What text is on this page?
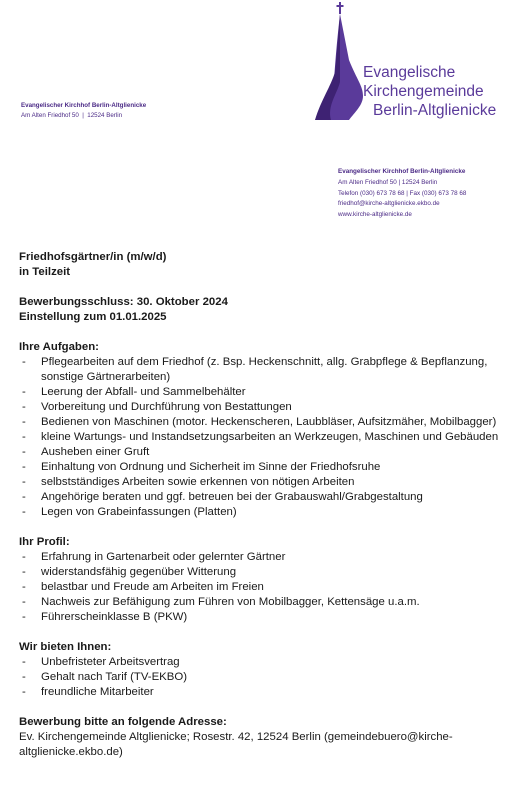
Evangelischer Kirchhof Berlin-Altglienicke
Am Alten Friedhof 50 | 12524 Berlin
Evangelische
Kirchengemeinde
Berlin-Altglienicke
Evangelischer Kirchhof Berlin-Altglienicke
Am Alten Friedhof 50 | 12524 Berlin
Telefon (030) 673 78 68 | Fax (030) 673 78 68
friedhof@kirche-altglienicke.ekbo.de
www.kirche-altglienicke.de
Friedhofsgärtner/in (m/w/d)
in Teilzeit
Bewerbungsschluss: 30. Oktober 2024
Einstellung zum 01.01.2025
Ihre Aufgaben:
- Pflegearbeiten auf dem Friedhof (z. Bsp. Heckenschnitt, allg. Grabpflege & Bepflanzung, sonstige Gärtnerarbeiten)
- Leerung der Abfall- und Sammelbehälter
- Vorbereitung und Durchführung von Bestattungen
- Bedienen von Maschinen (motor. Heckenscheren, Laubbläser, Aufsitzmäher, Mobilbagger)
- kleine Wartungs- und Instandsetzungsarbeiten an Werkzeugen, Maschinen und Gebäuden
- Ausheben einer Gruft
- Einhaltung von Ordnung und Sicherheit im Sinne der Friedhofsruhe
- selbstständiges Arbeiten sowie erkennen von nötigen Arbeiten
- Angehörige beraten und ggf. betreuen bei der Grabauswahl/Grabgestaltung
- Legen von Grabeinfassungen (Platten)
Ihr Profil:
- Erfahrung in Gartenarbeit oder gelernter Gärtner
- widerstandsfähig gegenüber Witterung
- belastbar und Freude am Arbeiten im Freien
- Nachweis zur Befähigung zum Führen von Mobilbagger, Kettensäge u.a.m.
- Führerscheinklasse B (PKW)
Wir bieten Ihnen:
- Unbefristeter Arbeitsvertrag
- Gehalt nach Tarif (TV-EKBO)
- freundliche Mitarbeiter
Bewerbung bitte an folgende Adresse:
Ev. Kirchengemeinde Altglienicke; Rosestr. 42, 12524 Berlin (gemeindebuero@kirche-altglienicke.ekbo.de)
